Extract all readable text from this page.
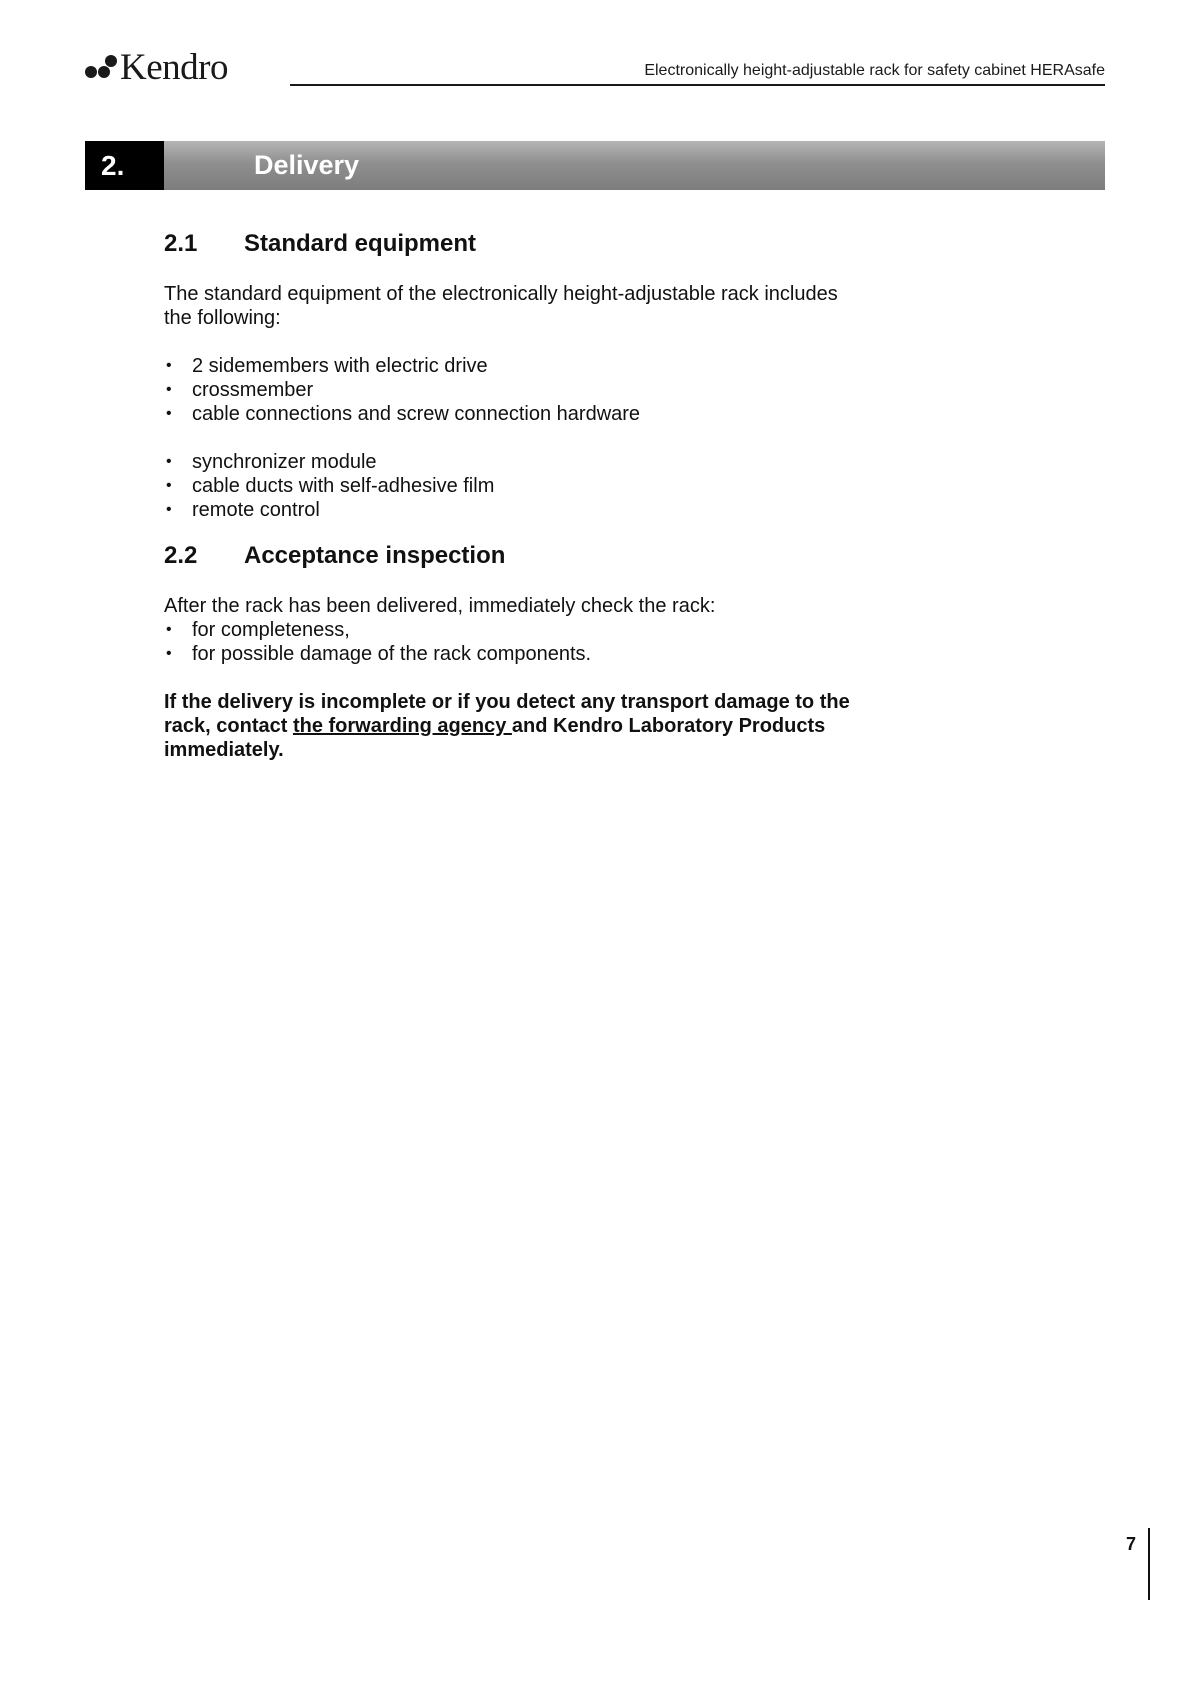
Kendro	Electronically height-adjustable rack for safety cabinet HERAsafe
2.	Delivery
2.1	Standard equipment

The standard equipment of the electronically height-adjustable rack includes the following:

• 2 sidemembers with electric drive
• crossmember
• cable connections and screw connection hardware
• synchronizer module
• cable ducts with self-adhesive film
• remote control
2.2	Acceptance inspection

After the rack has been delivered, immediately check the rack:

• for completeness,
• for possible damage of the rack components.

If the delivery is incomplete or if you detect any transport damage to the rack, contact the forwarding agency and Kendro Laboratory Products immediately.

7
